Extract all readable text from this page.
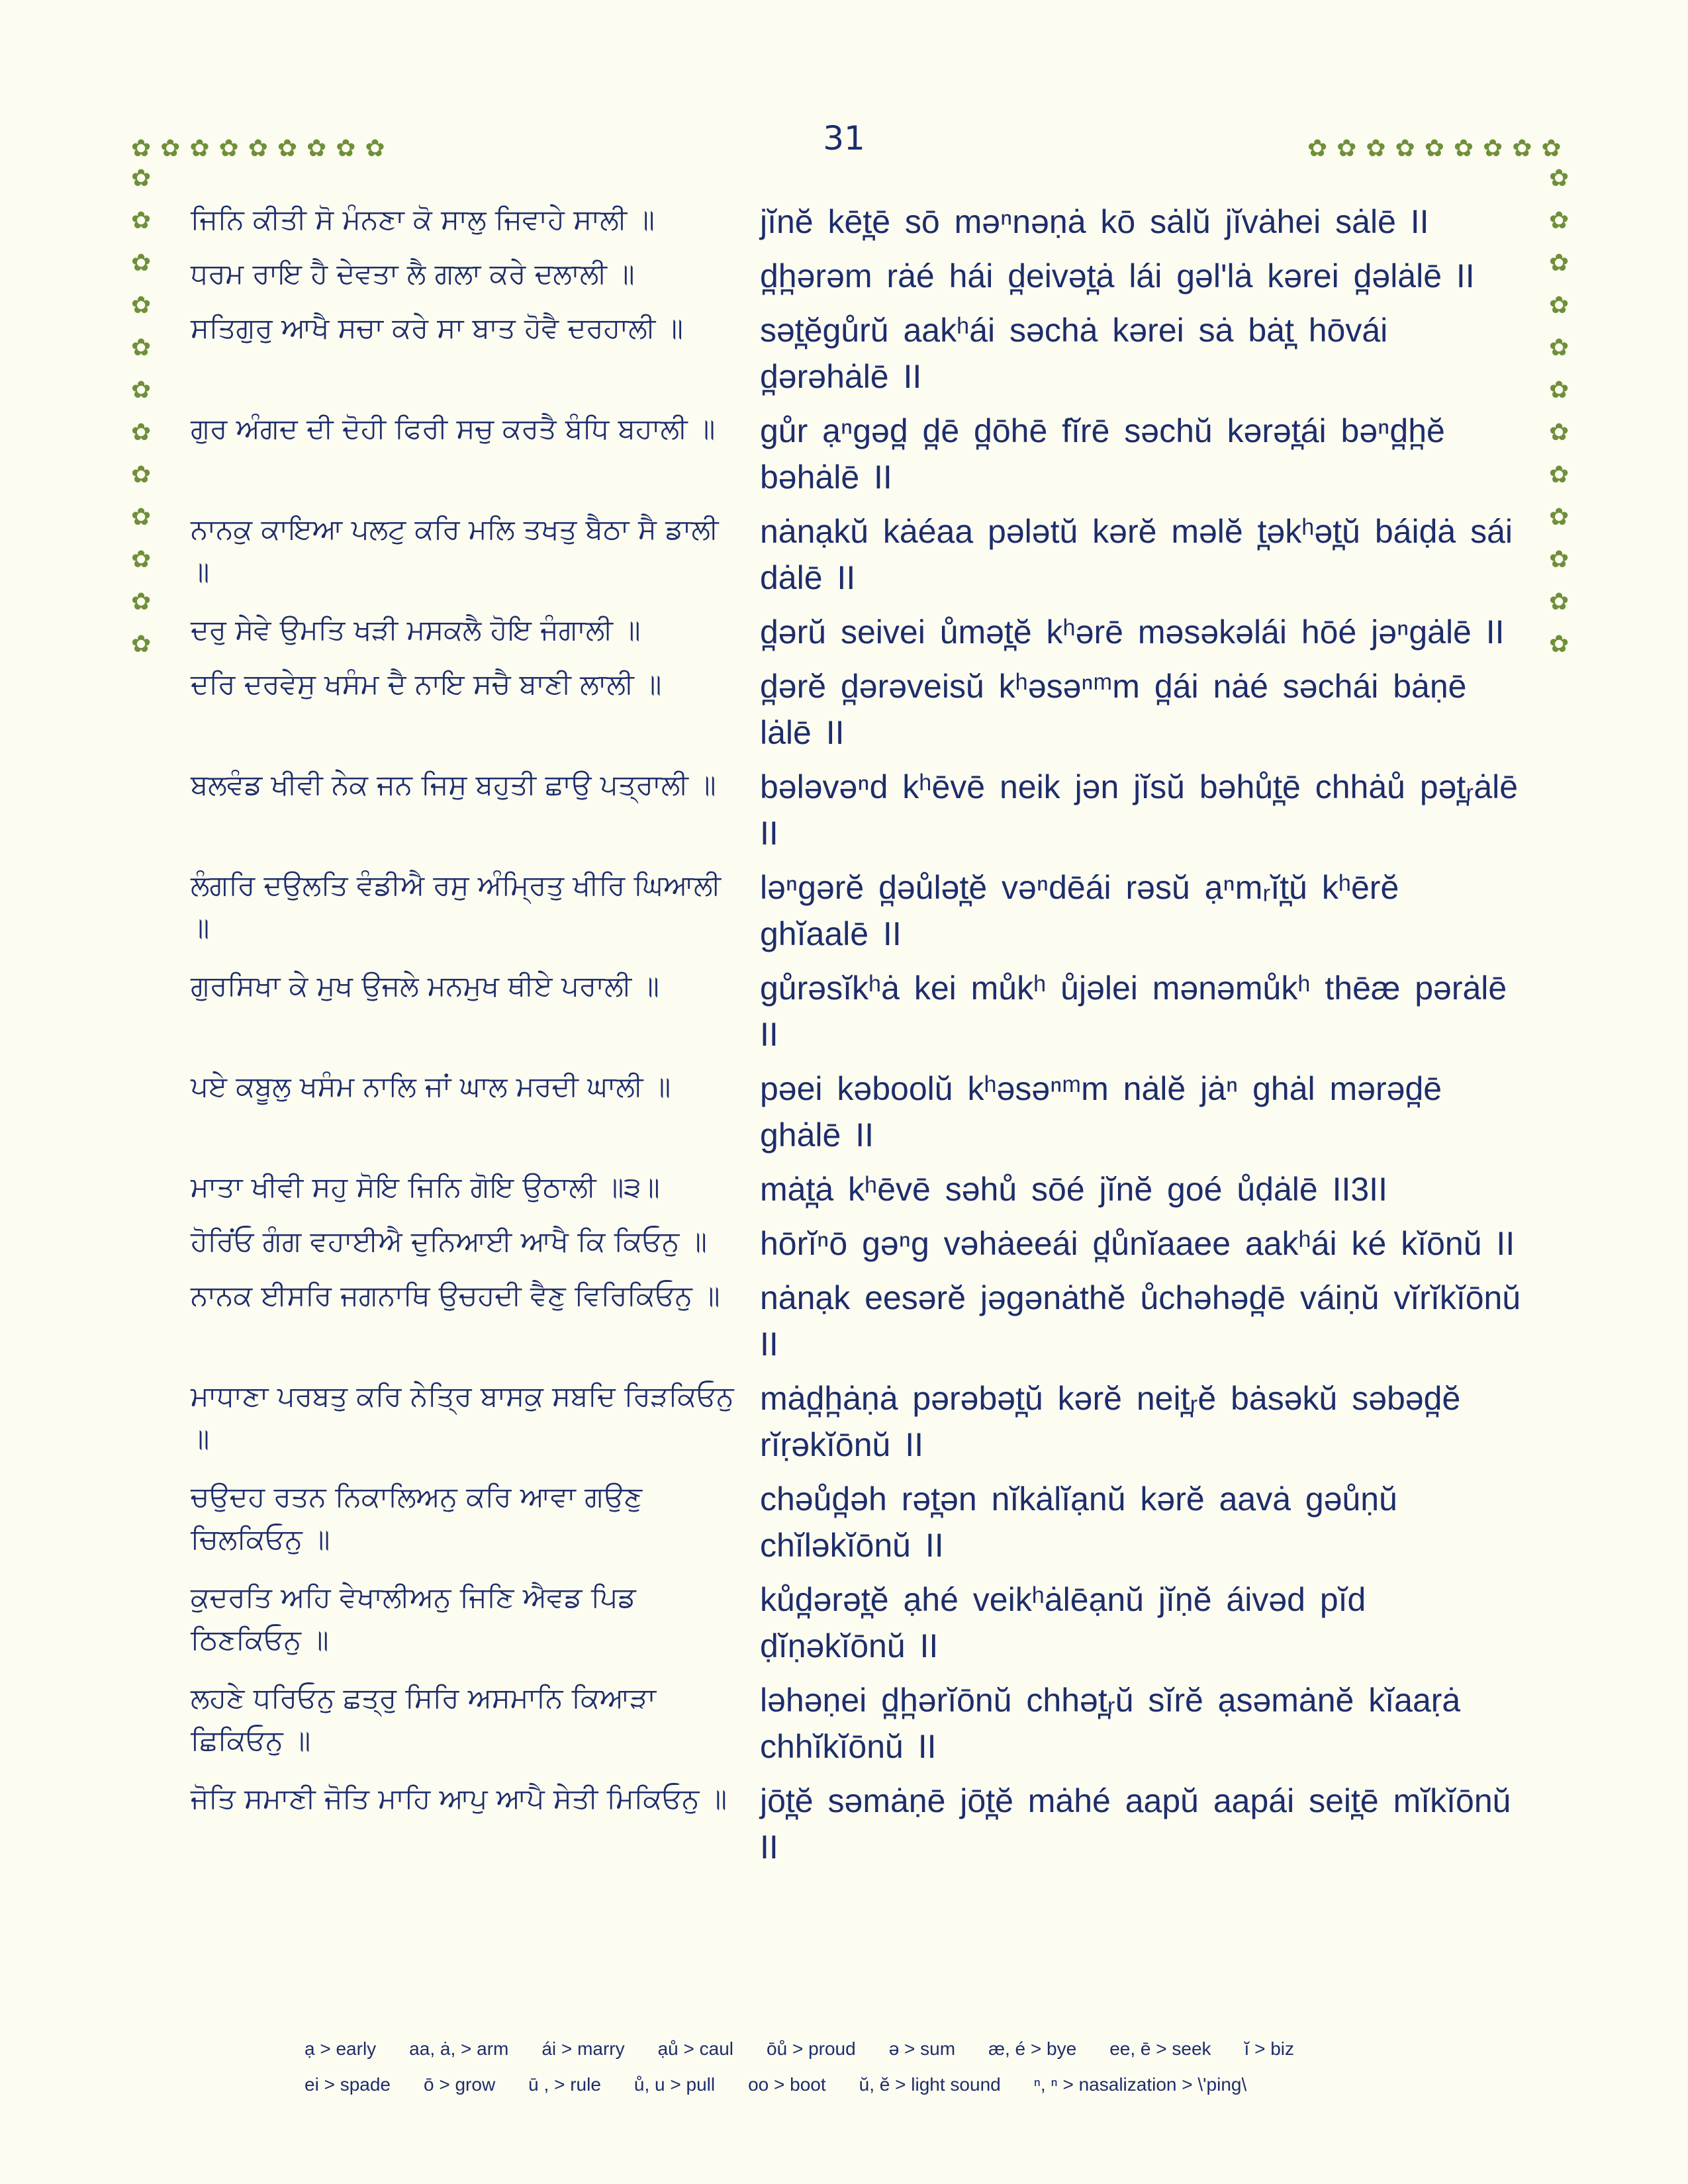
31
✿ ✿ ✿ ✿ ✿ ✿ ✿ ✿ ✿	✿ ✿ ✿ ✿ ✿ ✿ ✿ ✿ ✿
✿
✿
✿
✿
✿
✿
✿
✿
✿
✿
✿
✿
✿
✿
✿
✿
✿
✿
✿
✿
✿
✿
✿
✿
ਜਿਨਿ ਕੀਤੀ ਸੋ ਮੰਨਣਾ ਕੋ ਸਾਲੁ ਜਿਵਾਹੇ ਸਾਲੀ ॥	jĭnĕ kēt̪ē sō məⁿnəṇȧ kō sȧlŭ jĭvȧhei sȧlē II
ਧਰਮ ਰਾਇ ਹੈ ਦੇਵਤਾ ਲੈ ਗਲਾ ਕਰੇ ਦਲਾਲੀ ॥	d̪h̪ərəm rȧé hái d̪eivət̪ȧ lái gəl'lȧ kərei d̪əlȧlē II
ਸਤਿਗੁਰੁ ਆਖੈ ਸਚਾ ਕਰੇ ਸਾ ਬਾਤ ਹੋਵੈ ਦਰਹਾਲੀ ॥	sət̪ĕgůrŭ aakʰái səchȧ kərei sȧ bȧt̪ hōvái d̪ərəhȧlē II
ਗੁਰ ਅੰਗਦ ਦੀ ਦੋਹੀ ਫਿਰੀ ਸਚੁ ਕਰਤੈ ਬੰਧਿ ਬਹਾਲੀ ॥	gůr ạⁿgəd̪ d̪ē d̪ōhē fĭrē səchŭ kərət̪ái bəⁿd̪h̪ĕ bəhȧlē II
ਨਾਨਕੁ ਕਾਇਆ ਪਲਟੁ ਕਰਿ ਮਲਿ ਤਖਤੁ ਬੈਠਾ ਸੈ ਡਾਲੀ ॥
nȧnạkŭ kȧéaa pələtŭ kərĕ məlĕ t̪əkʰət̪ŭ báiḍȧ sái dȧlē II
ਦਰੁ ਸੇਵੇ ਉਮਤਿ ਖੜੀ ਮਸਕਲੈ ਹੋਇ ਜੰਗਾਲੀ ॥	d̪ərŭ seivei ůmət̪ĕ kʰərē məsəkəlái hōé jəⁿgȧlē II
ਦਰਿ ਦਰਵੇਸੁ ਖਸੰਮ ਦੈ ਨਾਇ ਸਚੈ ਬਾਣੀ ਲਾਲੀ ॥	d̪ərĕ d̪ərəveisŭ kʰəsəⁿᵐm d̪ái nȧé səchái bȧṇē lȧlē II
ਬਲਵੰਡ ਖੀਵੀ ਨੇਕ ਜਨ ਜਿਸੁ ਬਹੁਤੀ ਛਾਉ ਪਤ੍ਰਾਲੀ ॥	bələvəⁿd kʰēvē neik jən jĭsŭ bəhůt̪ē chhȧů pət̪ᵣȧlē II
ਲੰਗਰਿ ਦਉਲਤਿ ਵੰਡੀਐ ਰਸੁ ਅੰਮ੍ਰਿਤੁ ਖੀਰਿ ਘਿਆਲੀ ॥
ləⁿgərĕ d̪əůlət̪ĕ vəⁿdēái rəsŭ ạⁿmᵣĭt̪ŭ kʰērĕ ghĭaalē II
ਗੁਰਸਿਖਾ ਕੇ ਮੁਖ ਉਜਲੇ ਮਨਮੁਖ ਥੀਏ ਪਰਾਲੀ ॥	gůrəsĭkʰȧ kei můkʰ ůjəlei mənəmůkʰ thēæ pərȧlē II
ਪਏ ਕਬੂਲੁ ਖਸੰਮ ਨਾਲਿ ਜਾਂ ਘਾਲ ਮਰਦੀ ਘਾਲੀ ॥	pəei kəboolŭ kʰəsəⁿᵐm nȧlĕ jȧⁿ ghȧl mərəd̪ē ghȧlē II
ਮਾਤਾ ਖੀਵੀ ਸਹੁ ਸੋਇ ਜਿਨਿ ਗੋਇ ਉਠਾਲੀ ॥੩॥	mȧt̪ȧ kʰēvē səhů sōé jĭnĕ goé ůḍȧlē II3II
ਹੋਰਿਂਓ ਗੰਗ ਵਹਾਈਐ ਦੁਨਿਆਈ ਆਖੈ ਕਿ ਕਿਓਨੁ ॥	hōrĭⁿō gəⁿg vəhȧeeái d̪ůnĭaaee aakʰái ké kĭōnŭ II
ਨਾਨਕ ਈਸਰਿ ਜਗਨਾਥਿ ਉਚਹਦੀ ਵੈਣੁ ਵਿਰਿਕਿਓਨੁ ॥	nȧnạk eesərĕ jəgənȧthĕ ůchəhəd̪ē váiṇŭ vĭrĭkĭōnŭ II
ਮਾਧਾਣਾ ਪਰਬਤੁ ਕਰਿ ਨੇਤ੍ਰਿ ਬਾਸਕੁ ਸਬਦਿ ਰਿੜਕਿਓਨੁ ॥
mȧd̪h̪ȧṇȧ pərəbət̪ŭ kərĕ neit̪ᵣĕ bȧsəkŭ səbəd̪ĕ rĭṛəkĭōnŭ II
ਚਉਦਹ ਰਤਨ ਨਿਕਾਲਿਅਨੁ ਕਰਿ ਆਵਾ ਗਉਣੁ ਚਿਲਕਿਓਨੁ ॥
chəůd̪əh rət̪ən nĭkȧlĭạnŭ kərĕ aavȧ gəůṇŭ chĭləkĭōnŭ II
ਕੁਦਰਤਿ ਅਹਿ ਵੇਖਾਲੀਅਨੁ ਜਿਣਿ ਐਵਡ ਪਿਡ ਠਿਣਕਿਓਨੁ ॥
kůd̪ərət̪ĕ ạhé veikʰȧlēạnŭ jĭṇĕ áivəd pĭd ḍĭṇəkĭōnŭ II
ਲਹਣੇ ਧਰਿਓਨੁ ਛਤ੍ਰੁ ਸਿਰਿ ਅਸਮਾਨਿ ਕਿਆੜਾ ਛਿਕਿਓਨੁ ॥
ləhəṇei d̪h̪ərĭōnŭ chhət̪ᵣŭ sĭrĕ ạsəmȧnĕ kĭaaṛȧ chhĭkĭōnŭ II
ਜੋਤਿ ਸਮਾਣੀ ਜੋਤਿ ਮਾਹਿ ਆਪੁ ਆਪੈ ਸੇਤੀ ਮਿਕਿਓਨੁ ॥ jōt̪ĕ səmȧṇē jōt̪ĕ mȧhé aapŭ aapái seit̪ē mĭkĭōnŭ II
ạ > early aa, ȧ, > arm ái > marry ạů > caul ōů > proud ə > sum æ, é > bye ee, ē > seek ĭ > biz
ei > spade ō > grow ū , > rule ů, u > pull oo > boot ŭ, ĕ > light sound ⁿ, ⁿ > nasalization > \'ping\
